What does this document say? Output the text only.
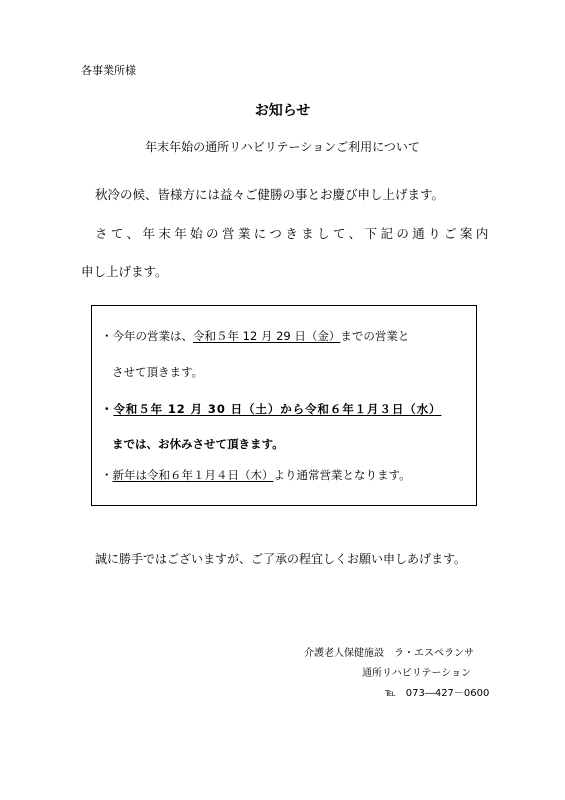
各事業所様
お知らせ
年末年始の通所リハビリテーションご利用について
秋冷の候、皆様方には益々ご健勝の事とお慶び申し上げます。
さて、年末年始の営業につきまして、下記の通りご案内
申し上げます。
・今年の営業は、令和５年 12 月 29 日（金）までの営業と
させて頂きます。
・令和５年 12 月 30 日（土）から令和６年１月３日（水）
までは、お休みさせて頂きます。
・新年は令和６年１月４日（木）より通常営業となります。
誠に勝手ではございますが、ご了承の程宜しくお願い申しあげます。
介護老人保健施設　ラ・エスペランサ
通所リハビリテーション
℡　073―427－0600
